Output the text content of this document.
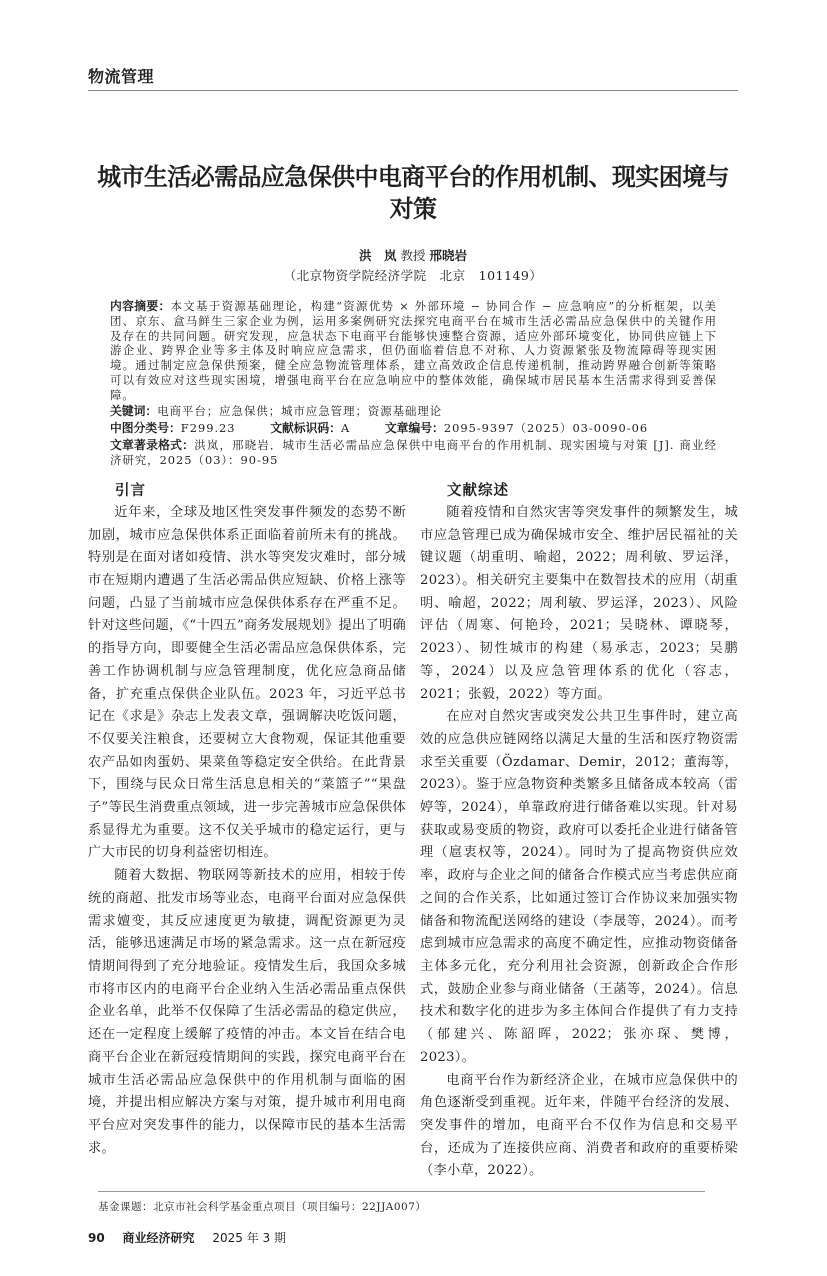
物流管理
城市生活必需品应急保供中电商平台的作用机制、现实困境与对策
洪　岚 教授 邢晓岩
（北京物资学院经济学院　北京　101149）
内容摘要：本文基于资源基础理论，构建“资源优势 × 外部环境 − 协同合作 − 应急响应”的分析框架，以美团、京东、盒马鲜生三家企业为例，运用多案例研究法探究电商平台在城市生活必需品应急保供中的关键作用及存在的共同问题。研究发现，应急状态下电商平台能够快速整合资源，适应外部环境变化，协同供应链上下游企业、跨界企业等多主体及时响应应急需求，但仍面临着信息不对称、人力资源紧张及物流障碍等现实困境。通过制定应急保供预案，健全应急物流管理体系，建立高效政企信息传递机制，推动跨界融合创新等策略可以有效应对这些现实困境，增强电商平台在应急响应中的整体效能，确保城市居民基本生活需求得到妥善保障。
关键词：电商平台；应急保供；城市应急管理；资源基础理论
中图分类号：F299.23	文献标识码：A	文章编号：2095-9397（2025）03-0090-06
文章著录格式：洪岚，邢晓岩．城市生活必需品应急保供中电商平台的作用机制、现实困境与对策 [J]. 商业经济研究，2025（03）：90-95
引言

近年来，全球及地区性突发事件频发的态势不断加剧，城市应急保供体系正面临着前所未有的挑战。特别是在面对诸如疫情、洪水等突发灾难时，部分城市在短期内遭遇了生活必需品供应短缺、价格上涨等问题，凸显了当前城市应急保供体系存在严重不足。针对这些问题，《“十四五”商务发展规划》提出了明确的指导方向，即要健全生活必需品应急保供体系，完善工作协调机制与应急管理制度，优化应急商品储备，扩充重点保供企业队伍。2023 年，习近平总书记在《求是》杂志上发表文章，强调解决吃饭问题，不仅要关注粮食，还要树立大食物观，保证其他重要农产品如肉蛋奶、果菜鱼等稳定安全供给。在此背景下，围绕与民众日常生活息息相关的“菜篮子”“果盘子”等民生消费重点领域，进一步完善城市应急保供体系显得尤为重要。这不仅关乎城市的稳定运行，更与广大市民的切身利益密切相连。

随着大数据、物联网等新技术的应用，相较于传统的商超、批发市场等业态，电商平台面对应急保供需求嬗变，其反应速度更为敏捷，调配资源更为灵活，能够迅速满足市场的紧急需求。这一点在新冠疫情期间得到了充分地验证。疫情发生后，我国众多城市将市区内的电商平台企业纳入生活必需品重点保供企业名单，此举不仅保障了生活必需品的稳定供应，还在一定程度上缓解了疫情的冲击。本文旨在结合电商平台企业在新冠疫情期间的实践，探究电商平台在城市生活必需品应急保供中的作用机制与面临的困境，并提出相应解决方案与对策，提升城市利用电商平台应对突发事件的能力，以保障市民的基本生活需求。

文献综述

随着疫情和自然灾害等突发事件的频繁发生，城市应急管理已成为确保城市安全、维护居民福祉的关键议题（胡重明、喻超，2022；周利敏、罗运泽，2023）。相关研究主要集中在数智技术的应用（胡重明、喻超，2022；周利敏、罗运泽，2023）、风险评估（周寒、何艳玲，2021；吴晓林、谭晓琴，2023）、韧性城市的构建（易承志，2023；吴鹏等，2024）以及应急管理体系的优化（容志，2021；张毅，2022）等方面。

在应对自然灾害或突发公共卫生事件时，建立高效的应急供应链网络以满足大量的生活和医疗物资需求至关重要（Özdamar、Demir，2012；董海等，2023）。鉴于应急物资种类繁多且储备成本较高（雷婷等，2024），单靠政府进行储备难以实现。针对易获取或易变质的物资，政府可以委托企业进行储备管理（扈衷权等，2024）。同时为了提高物资供应效率，政府与企业之间的储备合作模式应当考虑供应商之间的合作关系，比如通过签订合作协议来加强实物储备和物流配送网络的建设（李晟等，2024）。而考虑到城市应急需求的高度不确定性，应推动物资储备主体多元化，充分利用社会资源，创新政企合作形式，鼓励企业参与商业储备（王菡等，2024）。信息技术和数字化的进步为多主体间合作提供了有力支持（郁建兴、陈韶晖，2022；张亦琛、樊博，2023）。

电商平台作为新经济企业，在城市应急保供中的角色逐渐受到重视。近年来，伴随平台经济的发展、突发事件的增加，电商平台不仅作为信息和交易平台，还成为了连接供应商、消费者和政府的重要桥梁（李小草，2022）。

基金课题：北京市社会科学基金重点项目（项目编号：22JJA007）
90 商业经济研究 2025 年 3 期
